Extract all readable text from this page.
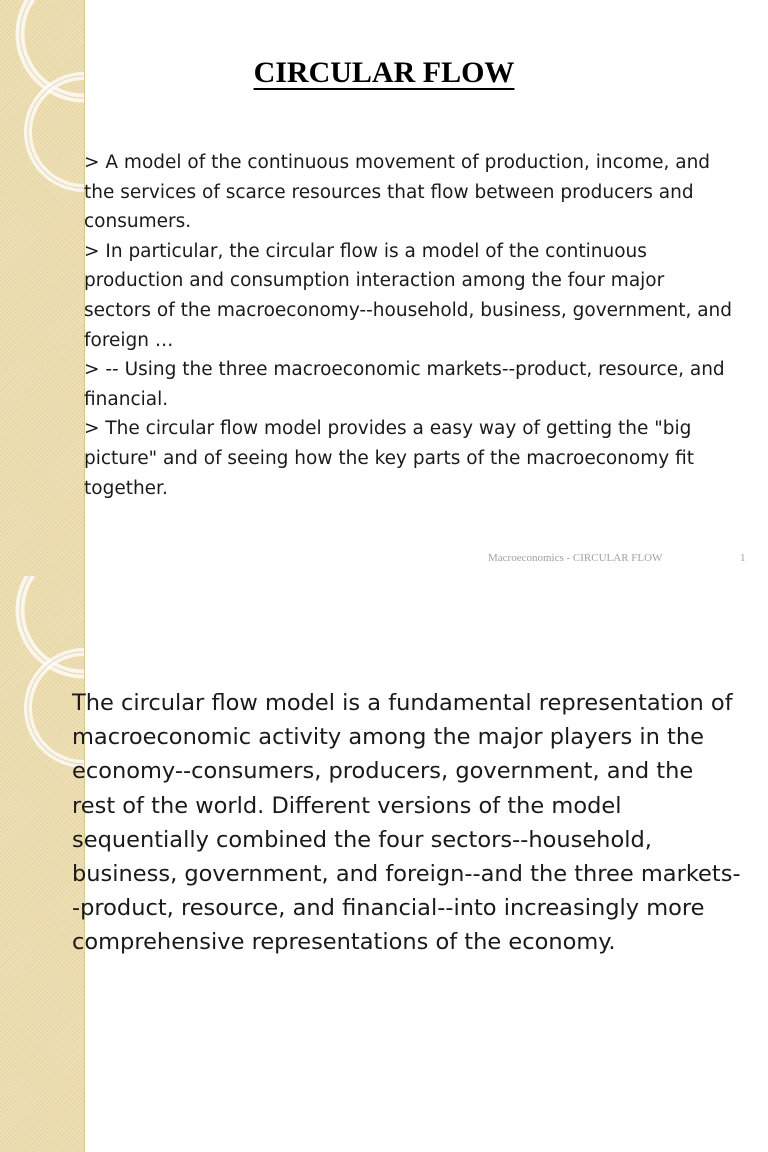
CIRCULAR FLOW

> A model of the continuous movement of production, income, and the services of scarce resources that flow between producers and consumers.

> In particular, the circular flow is a model of the continuous production and consumption interaction among the four major sectors of the macroeconomy--household, business, government, and foreign …

> -- Using the three macroeconomic markets--product, resource, and financial.

> The circular flow model provides a easy way of getting the "big picture" and of seeing how the key parts of the macroeconomy fit together.

Macroeconomics - CIRCULAR FLOW	1

The circular flow model is a fundamental representation of macroeconomic activity among the major players in the economy--consumers, producers, government, and the rest of the world. Different versions of the model sequentially combined the four sectors--household, business, government, and foreign--and the three markets--product, resource, and financial--into increasingly more comprehensive representations of the economy.
